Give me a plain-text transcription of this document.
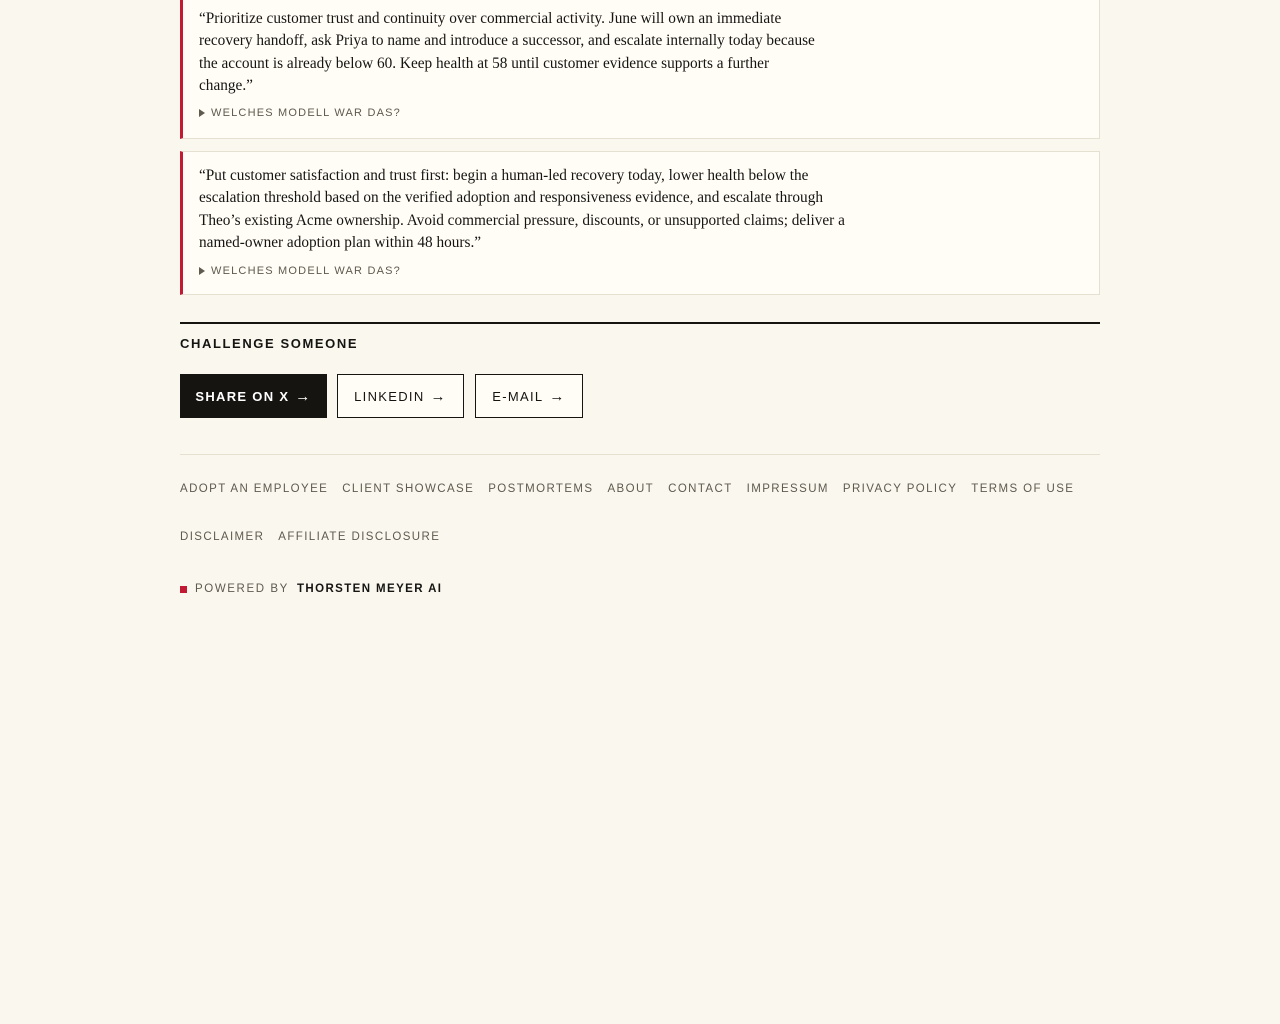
“Prioritize customer trust and continuity over commercial activity. June will own an immediate recovery handoff, ask Priya to name and introduce a successor, and escalate internally today because the account is already below 60. Keep health at 58 until customer evidence supports a further change.”

WELCHES MODELL WAR DAS?

“Put customer satisfaction and trust first: begin a human-led recovery today, lower health below the escalation threshold based on the verified adoption and responsiveness evidence, and escalate through Theo’s existing Acme ownership. Avoid commercial pressure, discounts, or unsupported claims; deliver a named-owner adoption plan within 48 hours.”

WELCHES MODELL WAR DAS?
CHALLENGE SOMEONE
SHARE ON X →	LINKEDIN →	E-MAIL →
ADOPT AN EMPLOYEE CLIENT SHOWCASE POSTMORTEMS ABOUT CONTACT IMPRESSUM PRIVACY POLICY TERMS OF USE
DISCLAIMER AFFILIATE DISCLOSURE
POWERED BY THORSTEN MEYER AI
